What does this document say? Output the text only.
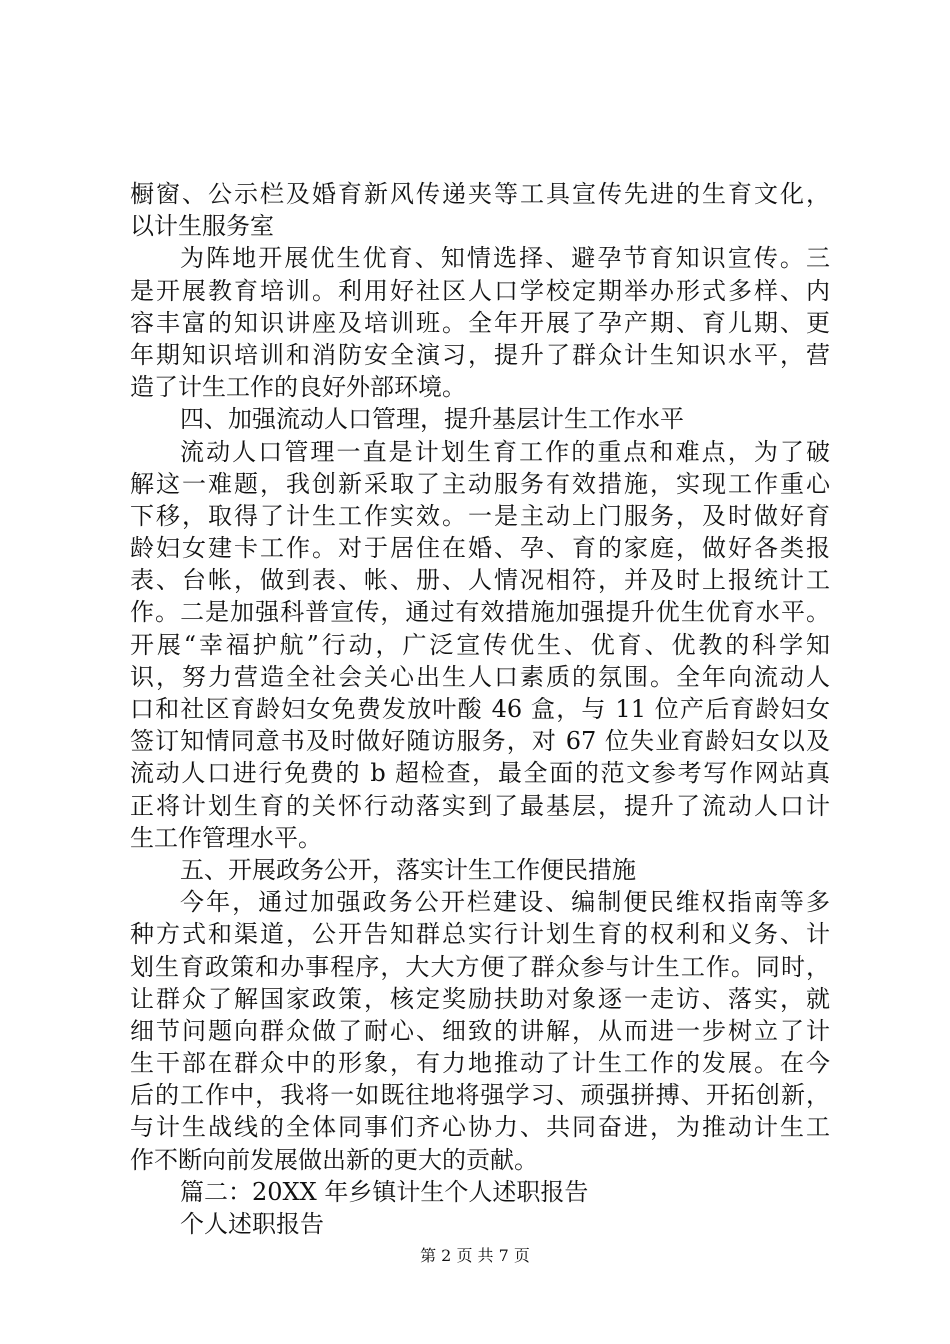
橱窗、公示栏及婚育新风传递夹等工具宣传先进的生育文化，
以计生服务室
为阵地开展优生优育、知情选择、避孕节育知识宣传。三
是开展教育培训。利用好社区人口学校定期举办形式多样、内
容丰富的知识讲座及培训班。全年开展了孕产期、育儿期、更
年期知识培训和消防安全演习，提升了群众计生知识水平，营
造了计生工作的良好外部环境。
四、加强流动人口管理，提升基层计生工作水平
流动人口管理一直是计划生育工作的重点和难点，为了破
解这一难题，我创新采取了主动服务有效措施，实现工作重心
下移，取得了计生工作实效。一是主动上门服务，及时做好育
龄妇女建卡工作。对于居住在婚、孕、育的家庭，做好各类报
表、台帐，做到表、帐、册、人情况相符，并及时上报统计工
作。二是加强科普宣传，通过有效措施加强提升优生优育水平。
开展“幸福护航”行动，广泛宣传优生、优育、优教的科学知
识，努力营造全社会关心出生人口素质的氛围。全年向流动人
口和社区育龄妇女免费发放叶酸 46 盒，与 11 位产后育龄妇女
签订知情同意书及时做好随访服务，对 67 位失业育龄妇女以及
流动人口进行免费的 b 超检查，最全面的范文参考写作网站真
正将计划生育的关怀行动落实到了最基层，提升了流动人口计
生工作管理水平。
五、开展政务公开，落实计生工作便民措施
今年，通过加强政务公开栏建设、编制便民维权指南等多
种方式和渠道，公开告知群总实行计划生育的权利和义务、计
划生育政策和办事程序，大大方便了群众参与计生工作。同时，
让群众了解国家政策，核定奖励扶助对象逐一走访、落实，就
细节问题向群众做了耐心、细致的讲解，从而进一步树立了计
生干部在群众中的形象，有力地推动了计生工作的发展。在今
后的工作中，我将一如既往地将强学习、顽强拼搏、开拓创新，
与计生战线的全体同事们齐心协力、共同奋进，为推动计生工
作不断向前发展做出新的更大的贡献。
篇二：20XX 年乡镇计生个人述职报告
个人述职报告
第 2 页 共 7 页
